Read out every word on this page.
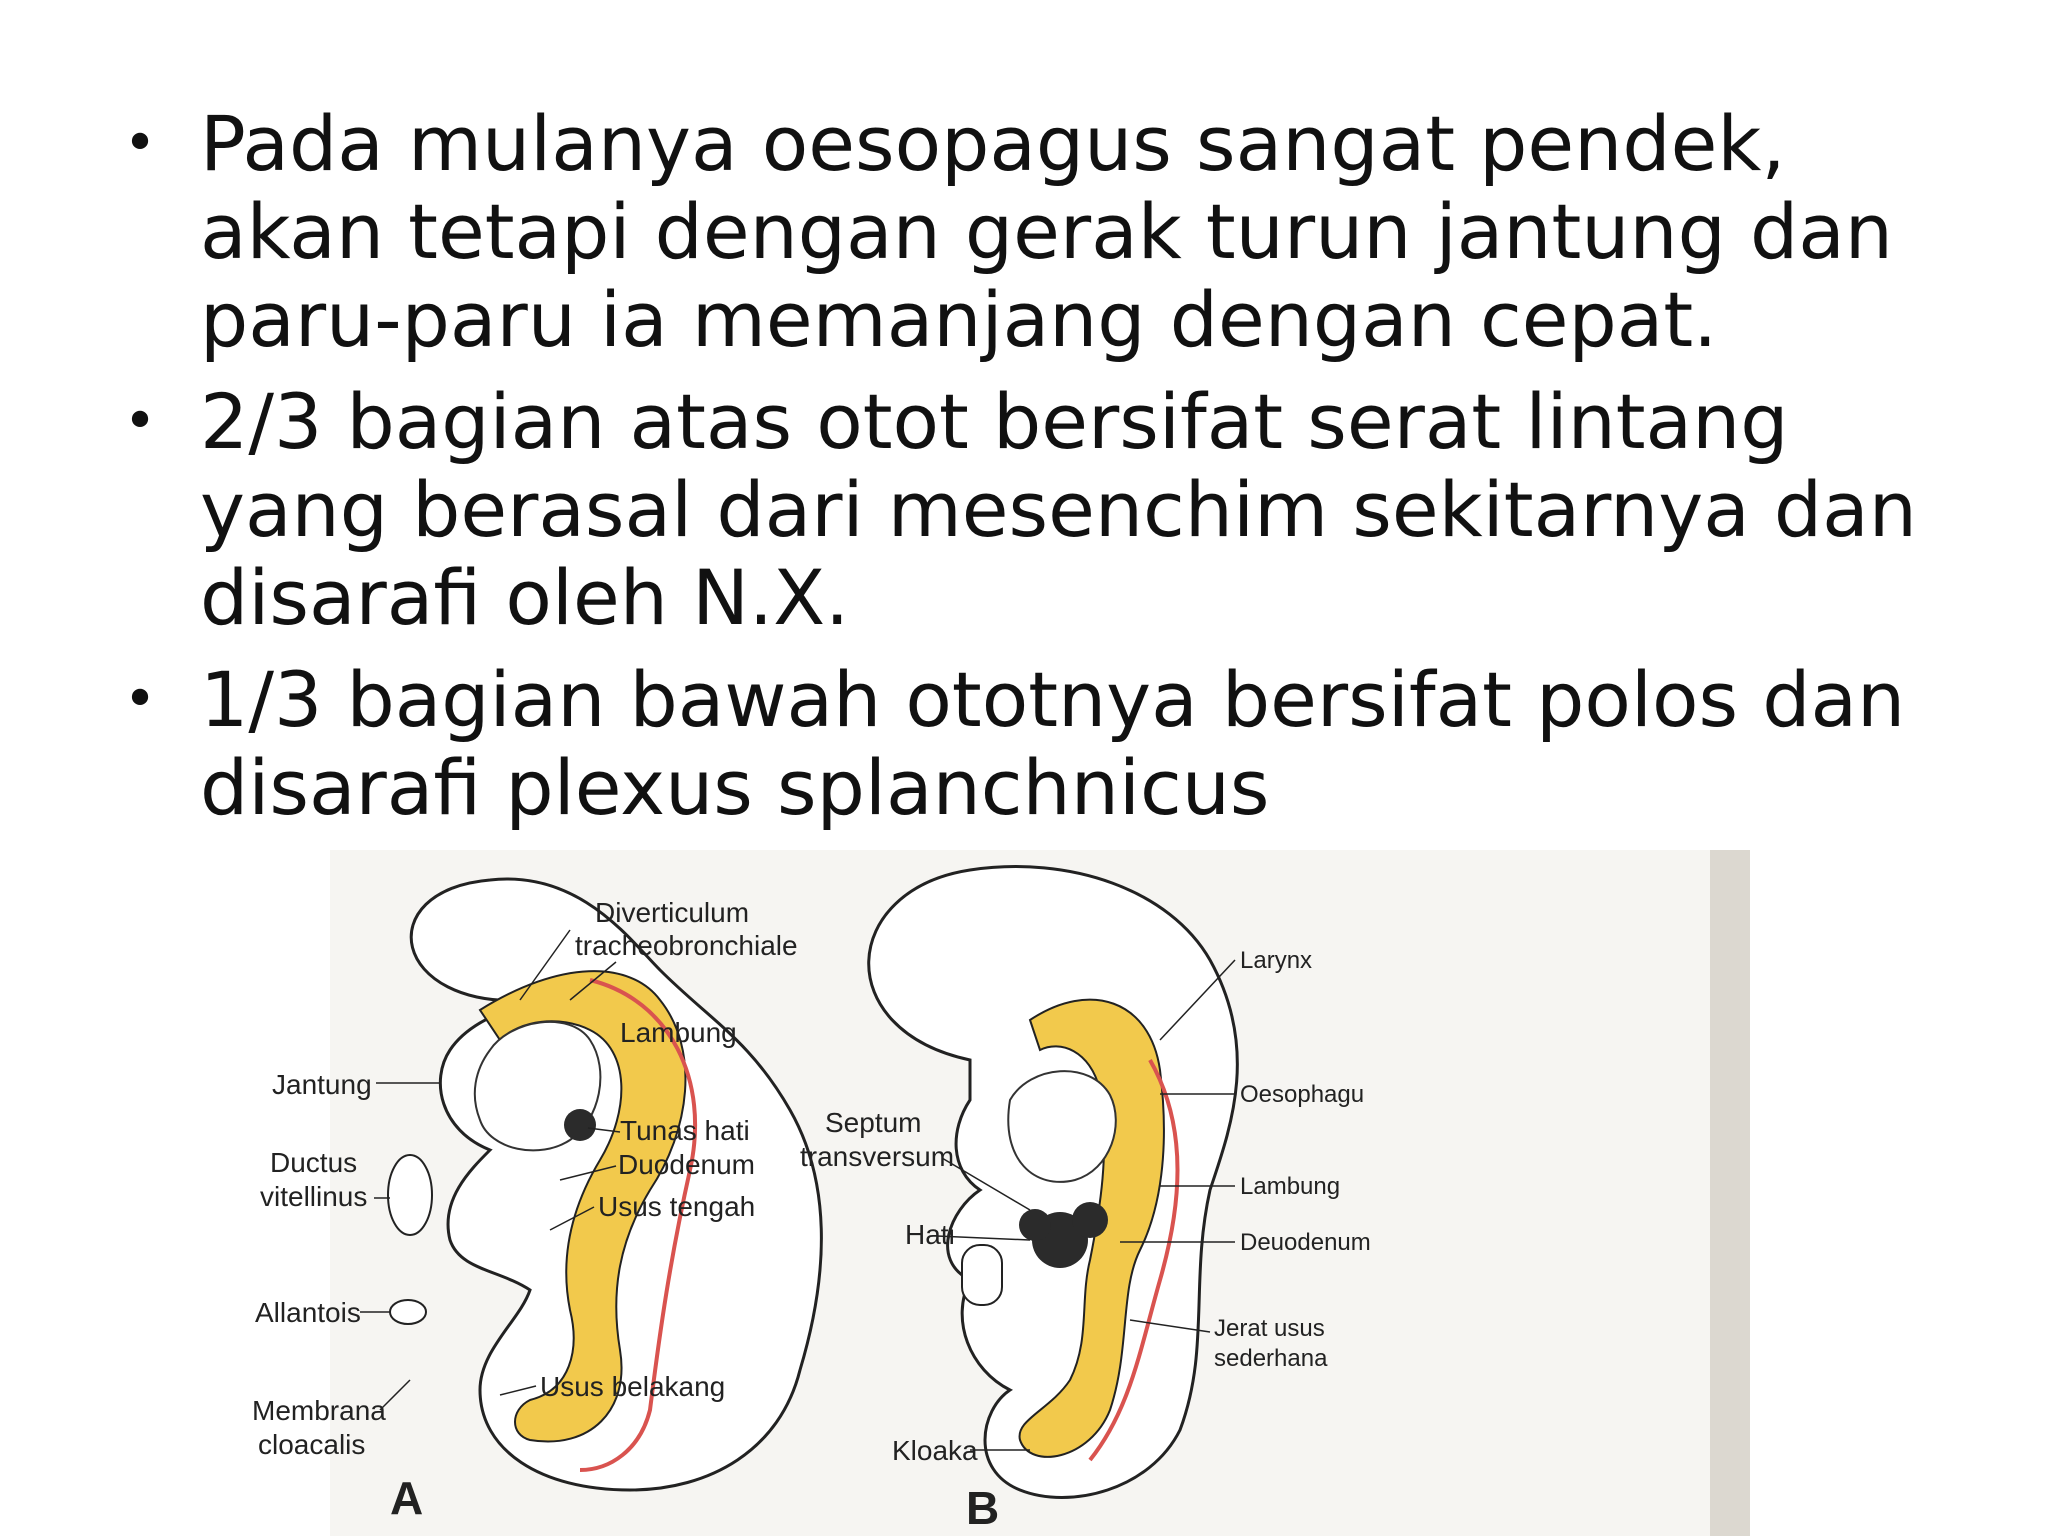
• Pada mulanya oesopagus sangat pendek, akan tetapi dengan gerak turun jantung dan paru-paru ia memanjang dengan cepat.
• 2/3 bagian atas otot bersifat serat lintang yang berasal dari mesenchim sekitarnya dan disarafi oleh N.X.
• 1/3 bagian bawah ototnya bersifat polos dan disarafi plexus splanchnicus
Diverticulum
tracheobronchiale
Lambung
Jantung
Tunas hati
Ductus
vitellinus
Duodenum
Usus tengah
Allantois
Usus belakang
Membrana
cloacalis
A
Larynx
Oesophagu
Septum
transversum
Lambung
Hati	Deuodenum
Jerat usus
sederhana
Kloaka
B
